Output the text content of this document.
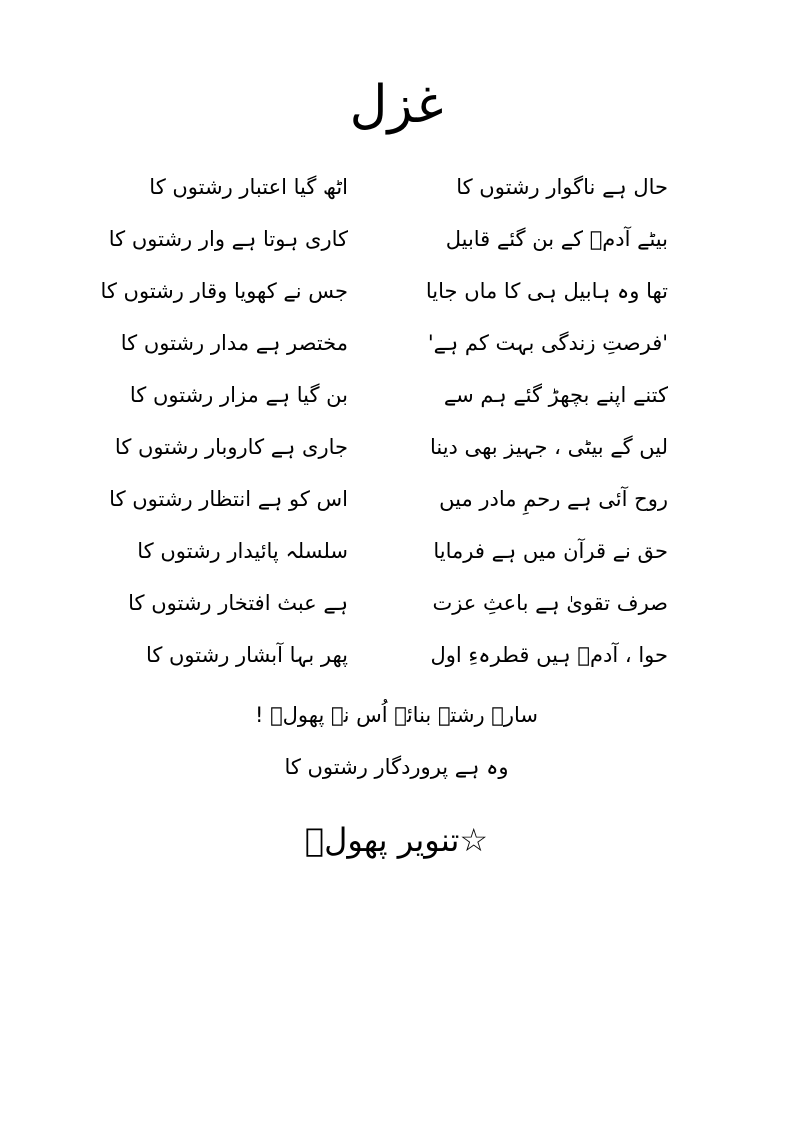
غزل
حال ہے ناگوار رشتوں کا
اٹھ گیا اعتبار رشتوں کا
بیٹے آدمؑ کے بن گئے قابیل
کاری ہوتا ہے وار رشتوں کا
تھا وہ ہابیل ہی کا ماں جایا
جس نے کھویا وقار رشتوں کا
'فرصتِ زندگی بہت کم ہے'
مختصر ہے مدار رشتوں کا
کتنے اپنے بچھڑ گئے ہم سے
بن گیا ہے مزار رشتوں کا
لیں گے بیٹی ، جہیز بھی دینا
جاری ہے کاروبار رشتوں کا
روح آئی ہے رحمِ مادر میں
اس کو ہے انتظار رشتوں کا
حق نے قرآن میں ہے فرمایا
سلسلہ پائیدار رشتوں کا
صرف تقویٰ ہے باعثِ عزت
ہے عبث افتخار رشتوں کا
حوا ، آدمؑ ہیں قطرہءِ اول
پھر بہا آبشار رشتوں کا
سارے رشتے بنائے اُس نے پھولؔ !
وہ ہے پروردگار رشتوں کا
☆تنویر پھولؔ
